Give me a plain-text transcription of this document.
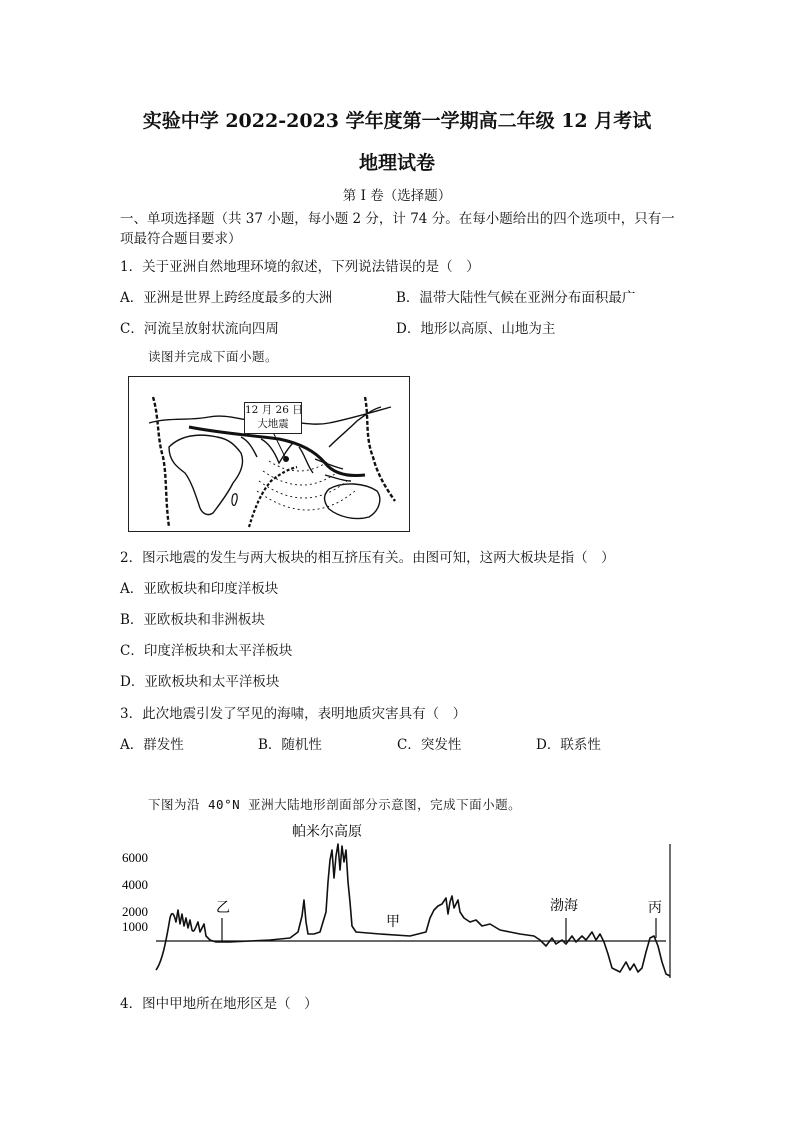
实验中学 2022-2023 学年度第一学期高二年级 12 月考试
地理试卷
第 I 卷（选择题）
一、单项选择题（共 37 小题，每小题 2 分，计 74 分。在每小题给出的四个选项中，只有一
项最符合题目要求）
1．关于亚洲自然地理环境的叙述，下列说法错误的是（　）
A．亚洲是世界上跨经度最多的大洲	B．温带大陆性气候在亚洲分布面积最广
C．河流呈放射状流向四周	D．地形以高原、山地为主
读图并完成下面小题。
12 月 26 日
大地震
2．图示地震的发生与两大板块的相互挤压有关。由图可知，这两大板块是指（　）
A．亚欧板块和印度洋板块
B．亚欧板块和非洲板块
C．印度洋板块和太平洋板块
D．亚欧板块和太平洋板块
3．此次地震引发了罕见的海啸，表明地质灾害具有（　）
A．群发性	B．随机性	C．突发性	D．联系性
下图为沿 40°N 亚洲大陆地形剖面部分示意图，完成下面小题。
6000
4000
2000
1000
帕米尔高原
乙
甲
渤海	丙
4．图中甲地所在地形区是（　）
